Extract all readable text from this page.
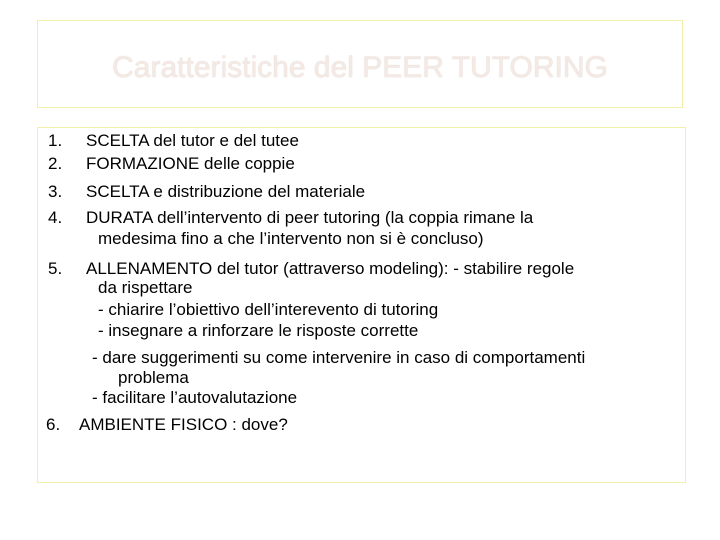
Caratteristiche del PEER TUTORING
1. SCELTA del tutor e del tutee
2. FORMAZIONE delle coppie
3. SCELTA e distribuzione del materiale
4. DURATA dell’intervento di peer tutoring (la coppia rimane la
medesima fino a che l’intervento non si è concluso)
5. ALLENAMENTO del tutor (attraverso modeling): - stabilire regole
da rispettare
- chiarire l’obiettivo dell’interevento di tutoring
- insegnare a rinforzare le risposte corrette
- dare suggerimenti su come intervenire in caso di comportamenti
problema
- facilitare l’autovalutazione
6. AMBIENTE FISICO : dove?
